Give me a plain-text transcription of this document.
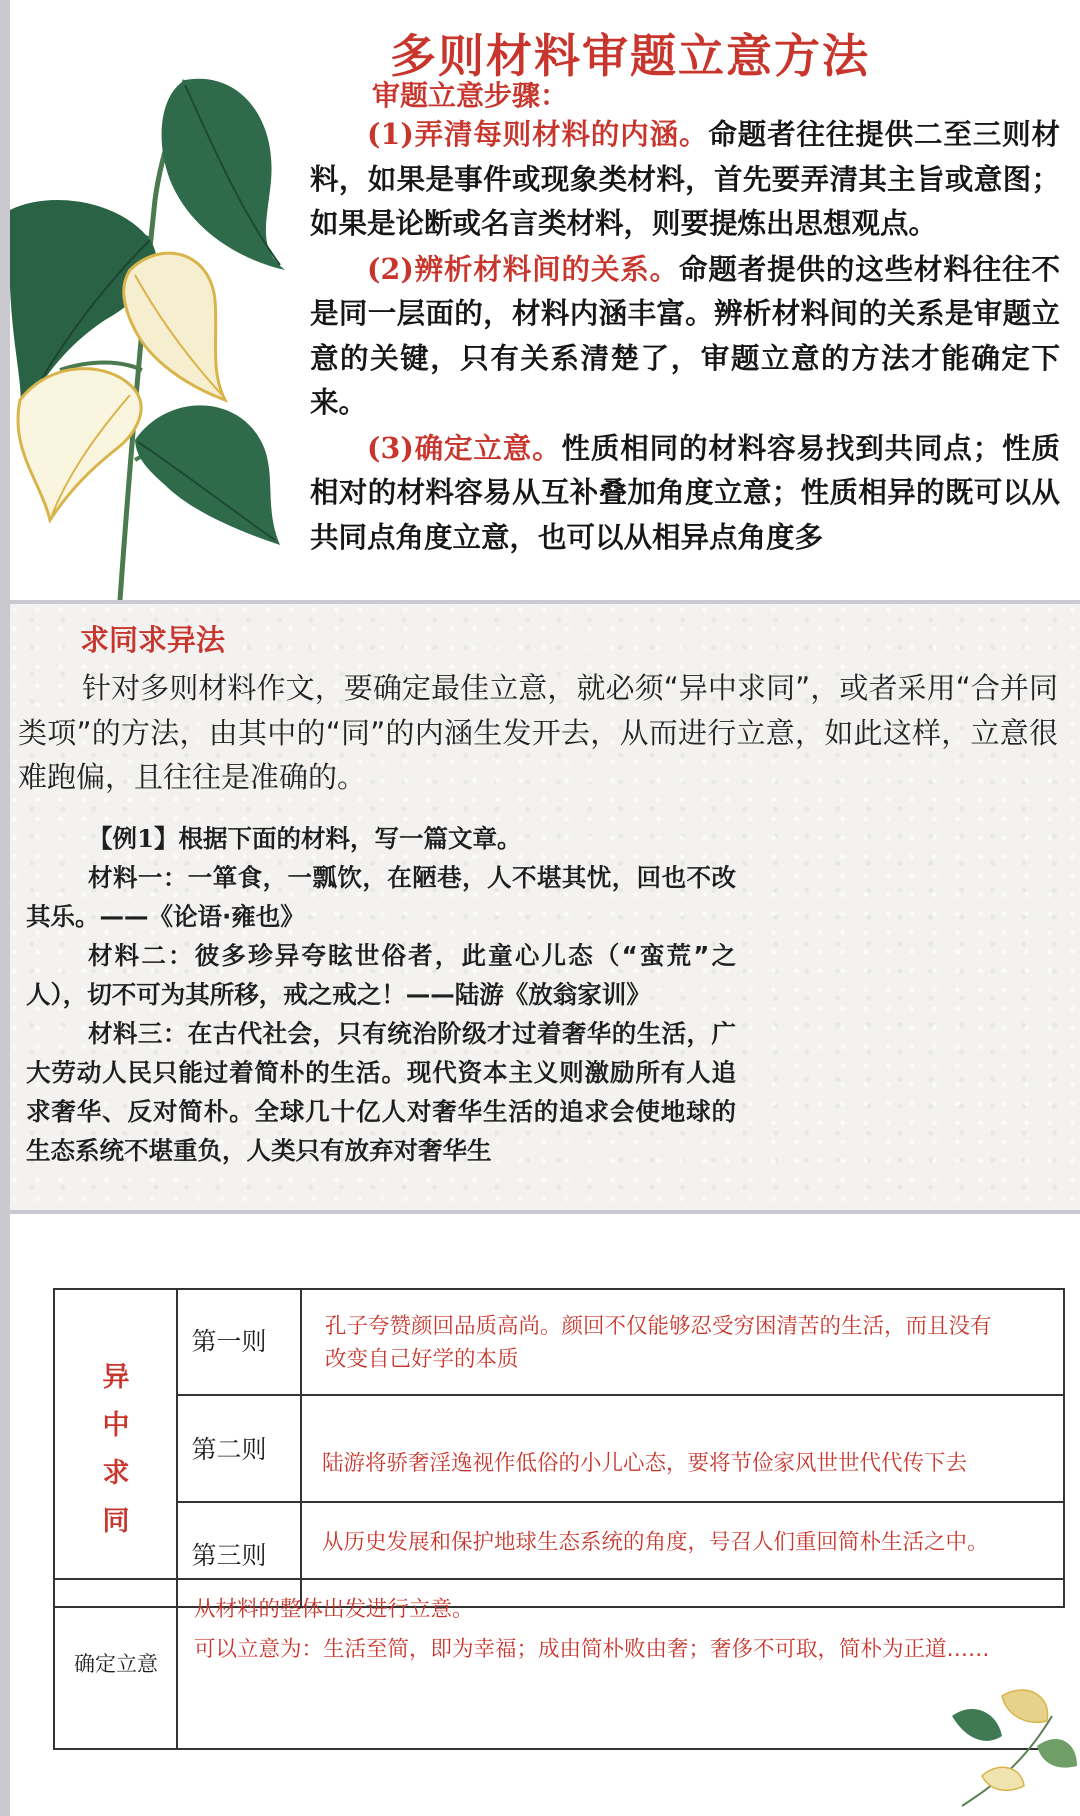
多则材料审题立意方法
审题立意步骤：

(1)弄清每则材料的内涵。命题者往往提供二至三则材料，如果是事件或现象类材料，首先要弄清其主旨或意图；如果是论断或名言类材料，则要提炼出思想观点。

(2)辨析材料间的关系。命题者提供的这些材料往往不是同一层面的，材料内涵丰富。辨析材料间的关系是审题立意的关键，只有关系清楚了，审题立意的方法才能确定下来。

(3)确定立意。性质相同的材料容易找到共同点；性质相对的材料容易从互补叠加角度立意；性质相异的既可以从共同点角度立意，也可以从相异点角度多

求同求异法

针对多则材料作文，要确定最佳立意，就必须“异中求同”，或者采用“合并同类项”的方法，由其中的“同”的内涵生发开去，从而进行立意，如此这样，立意很难跑偏，且往往是准确的。

【例1】根据下面的材料，写一篇文章。

材料一：一箪食，一瓢饮，在陋巷，人不堪其忧，回也不改其乐。——《论语·雍也》

材料二：彼多珍异夸眩世俗者，此童心儿态（“蛮荒”之人），切不可为其所移，戒之戒之！——陆游《放翁家训》

材料三：在古代社会，只有统治阶级才过着奢华的生活，广大劳动人民只能过着简朴的生活。现代资本主义则激励所有人追求奢华、反对简朴。全球几十亿人对奢华生活的追求会使地球的生态系统不堪重负，人类只有放弃对奢华生

异
中
求
同
第一则
孔子夸赞颜回品质高尚。颜回不仅能够忍受穷困清苦的生活，而且没有
改变自己好学的本质
第二则	陆游将骄奢淫逸视作低俗的小儿心态，要将节俭家风世世代代传下去
第三则	从历史发展和保护地球生态系统的角度，号召人们重回简朴生活之中。
确定立意
从材料的整体出发进行立意。
可以立意为：生活至简，即为幸福；成由简朴败由奢；奢侈不可取，简朴为正道……
